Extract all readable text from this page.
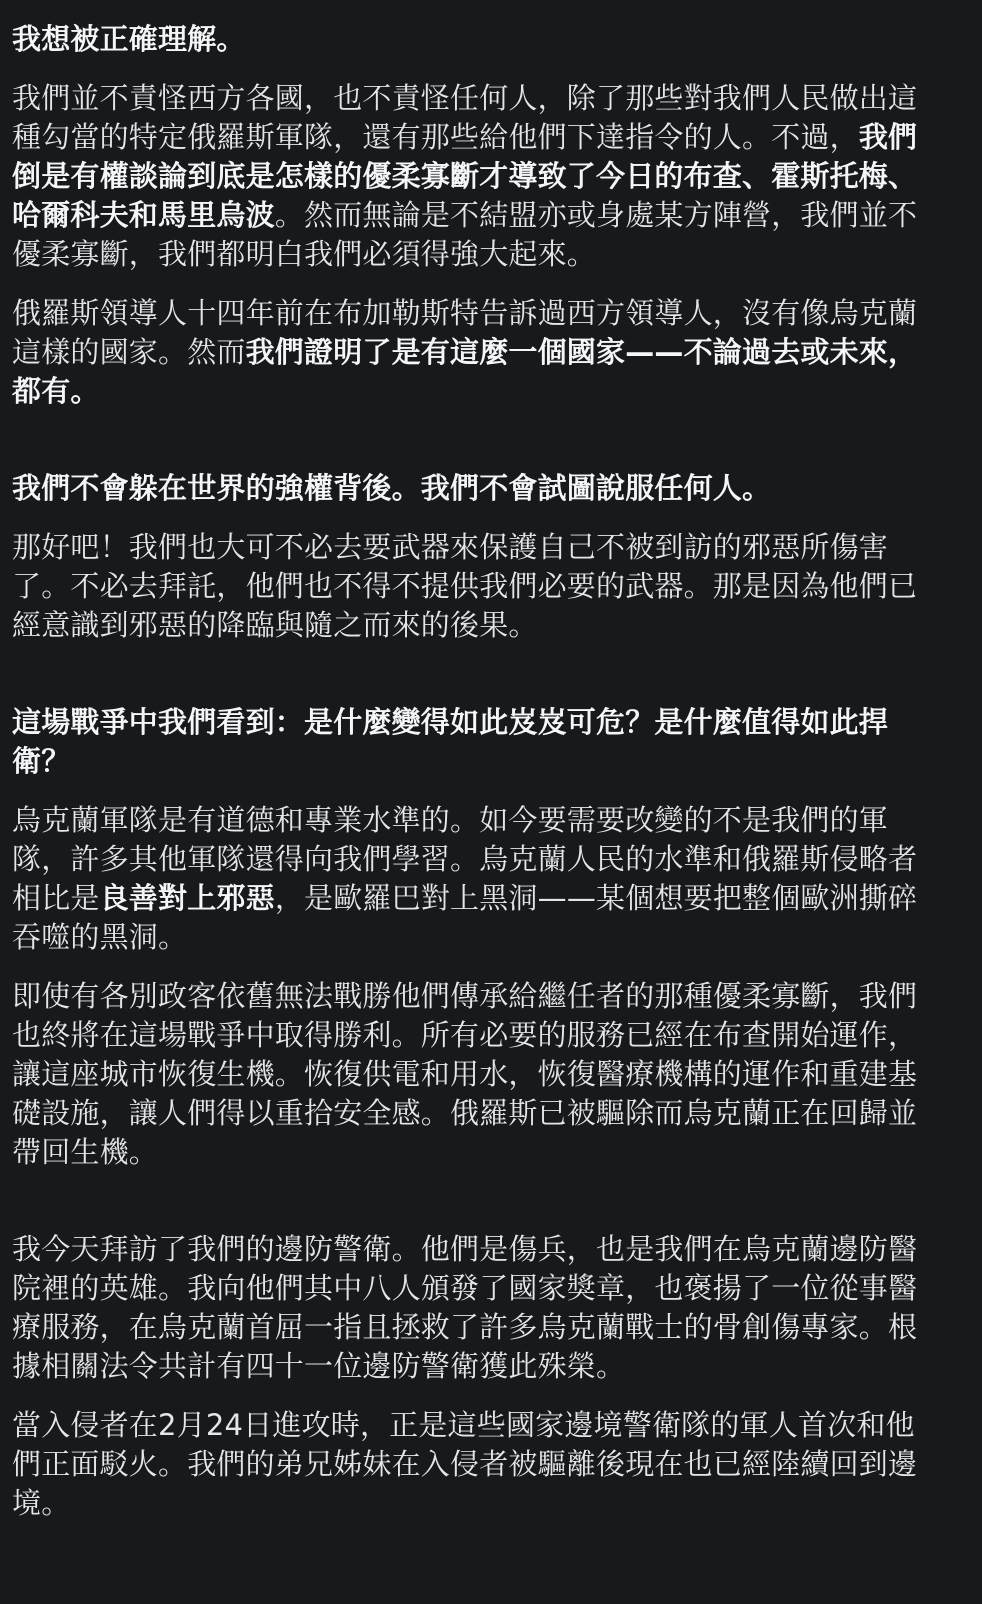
我想被正確理解。

我們並不責怪西方各國，也不責怪任何人，除了那些對我們人民做出這種勾當的特定俄羅斯軍隊，還有那些給他們下達指令的人。不過，我們倒是有權談論到底是怎樣的優柔寡斷才導致了今日的布查、霍斯托梅、哈爾科夫和馬里烏波。然而無論是不結盟亦或身處某方陣營，我們並不優柔寡斷，我們都明白我們必須得強大起來。

俄羅斯領導人十四年前在布加勒斯特告訴過西方領導人，沒有像烏克蘭這樣的國家。然而我們證明了是有這麼一個國家——不論過去或未來，都有。

我們不會躲在世界的強權背後。我們不會試圖說服任何人。

那好吧！我們也大可不必去要武器來保護自己不被到訪的邪惡所傷害了。不必去拜託，他們也不得不提供我們必要的武器。那是因為他們已經意識到邪惡的降臨與隨之而來的後果。

這場戰爭中我們看到：是什麼變得如此岌岌可危？是什麼值得如此捍衛？

烏克蘭軍隊是有道德和專業水準的。如今要需要改變的不是我們的軍隊，許多其他軍隊還得向我們學習。烏克蘭人民的水準和俄羅斯侵略者相比是良善對上邪惡，是歐羅巴對上黑洞——某個想要把整個歐洲撕碎吞噬的黑洞。

即使有各別政客依舊無法戰勝他們傳承給繼任者的那種優柔寡斷，我們也終將在這場戰爭中取得勝利。所有必要的服務已經在布查開始運作，讓這座城市恢復生機。恢復供電和用水，恢復醫療機構的運作和重建基礎設施，讓人們得以重拾安全感。俄羅斯已被驅除而烏克蘭正在回歸並帶回生機。

我今天拜訪了我們的邊防警衛。他們是傷兵，也是我們在烏克蘭邊防醫院裡的英雄。我向他們其中八人頒發了國家獎章，也褒揚了一位從事醫療服務，在烏克蘭首屈一指且拯救了許多烏克蘭戰士的骨創傷專家。根據相關法令共計有四十一位邊防警衛獲此殊榮。

當入侵者在2月24日進攻時，正是這些國家邊境警衛隊的軍人首次和他們正面駁火。我們的弟兄姊妹在入侵者被驅離後現在也已經陸續回到邊境。
